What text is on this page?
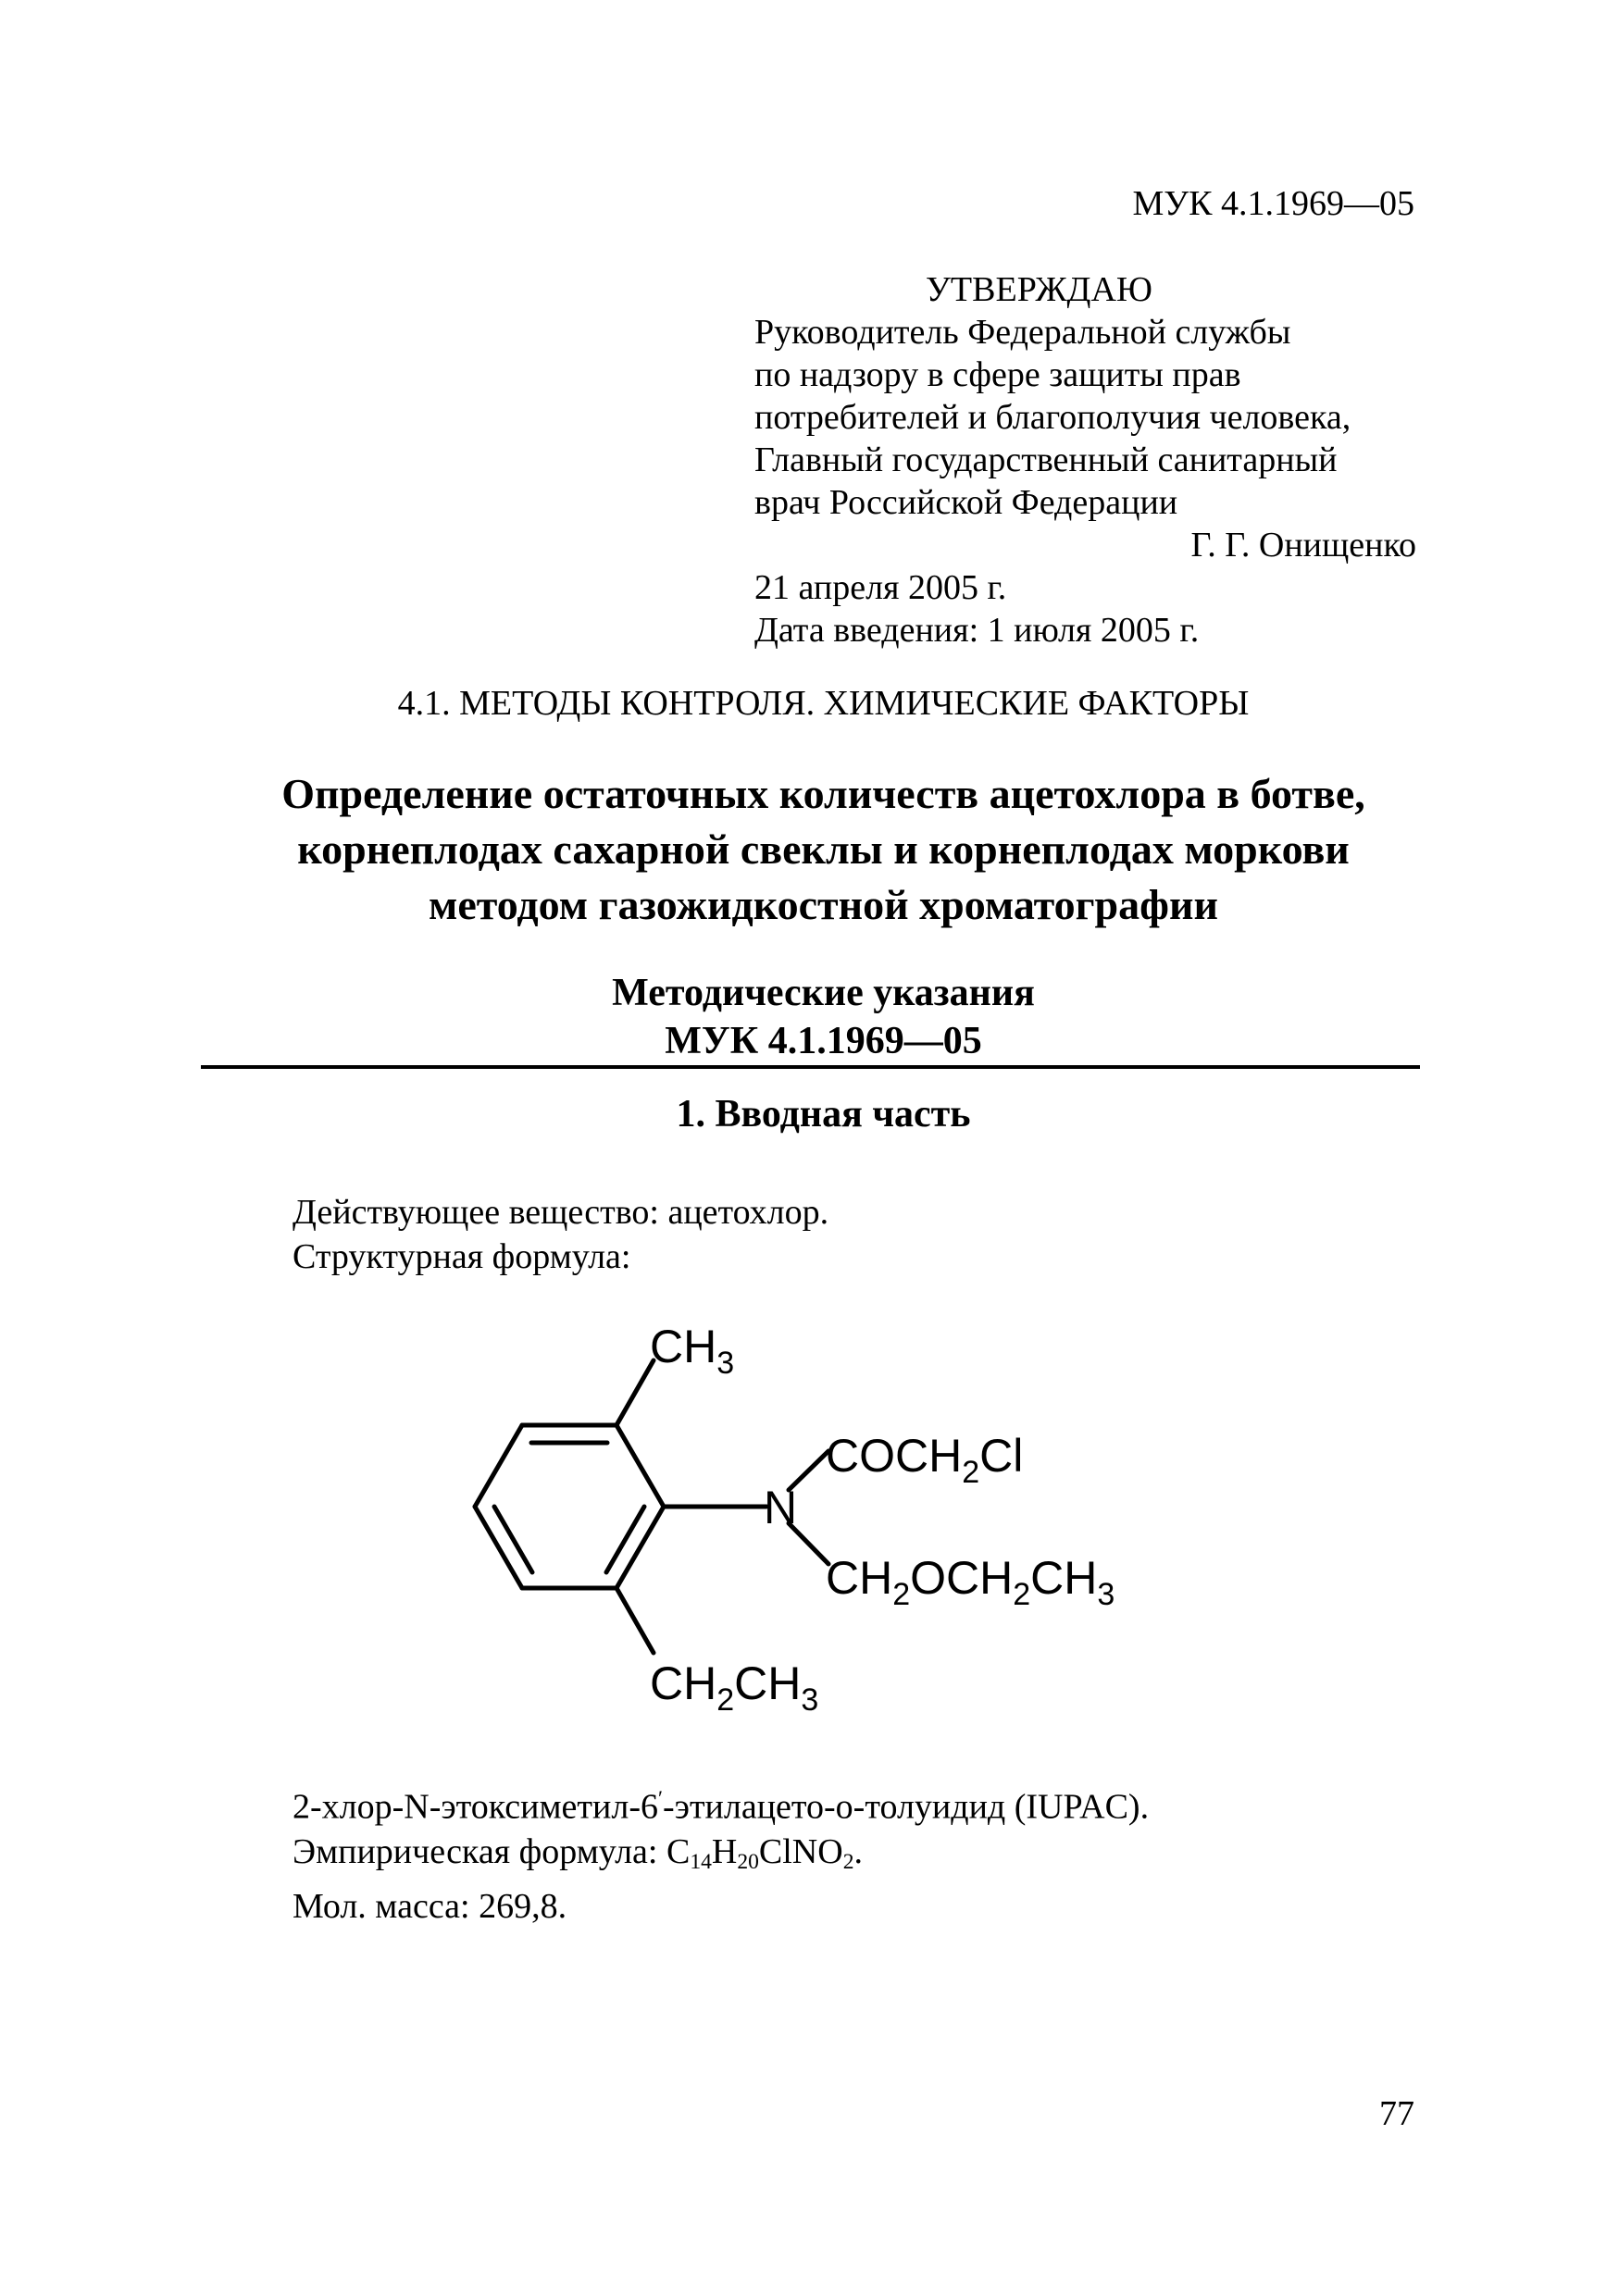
МУК 4.1.1969—05
УТВЕРЖДАЮ
Руководитель Федеральной службы
по надзору в сфере защиты прав
потребителей и благополучия человека,
Главный государственный санитарный
врач Российской Федерации
Г. Г. Онищенко
21 апреля 2005 г.
Дата введения: 1 июля 2005 г.
4.1. МЕТОДЫ КОНТРОЛЯ. ХИМИЧЕСКИЕ ФАКТОРЫ
Определение остаточных количеств ацетохлора в ботве,
корнеплодах сахарной свеклы и корнеплодах моркови
методом газожидкостной хроматографии
Методические указания
МУК 4.1.1969—05
1. Вводная часть
Действующее вещество: ацетохлор.
Структурная формула:
$CH_3$
N
$COCH_2Cl$
$CH_2OCH_2CH_3$
$CH_2CH_3$
2-хлор-N-этоксиметил-6′-этилацето-о-толуидид (IUPAC).
Эмпирическая формула: $C_{14}H_{20}ClNO_2$.
Мол. масса: 269,8.
77
